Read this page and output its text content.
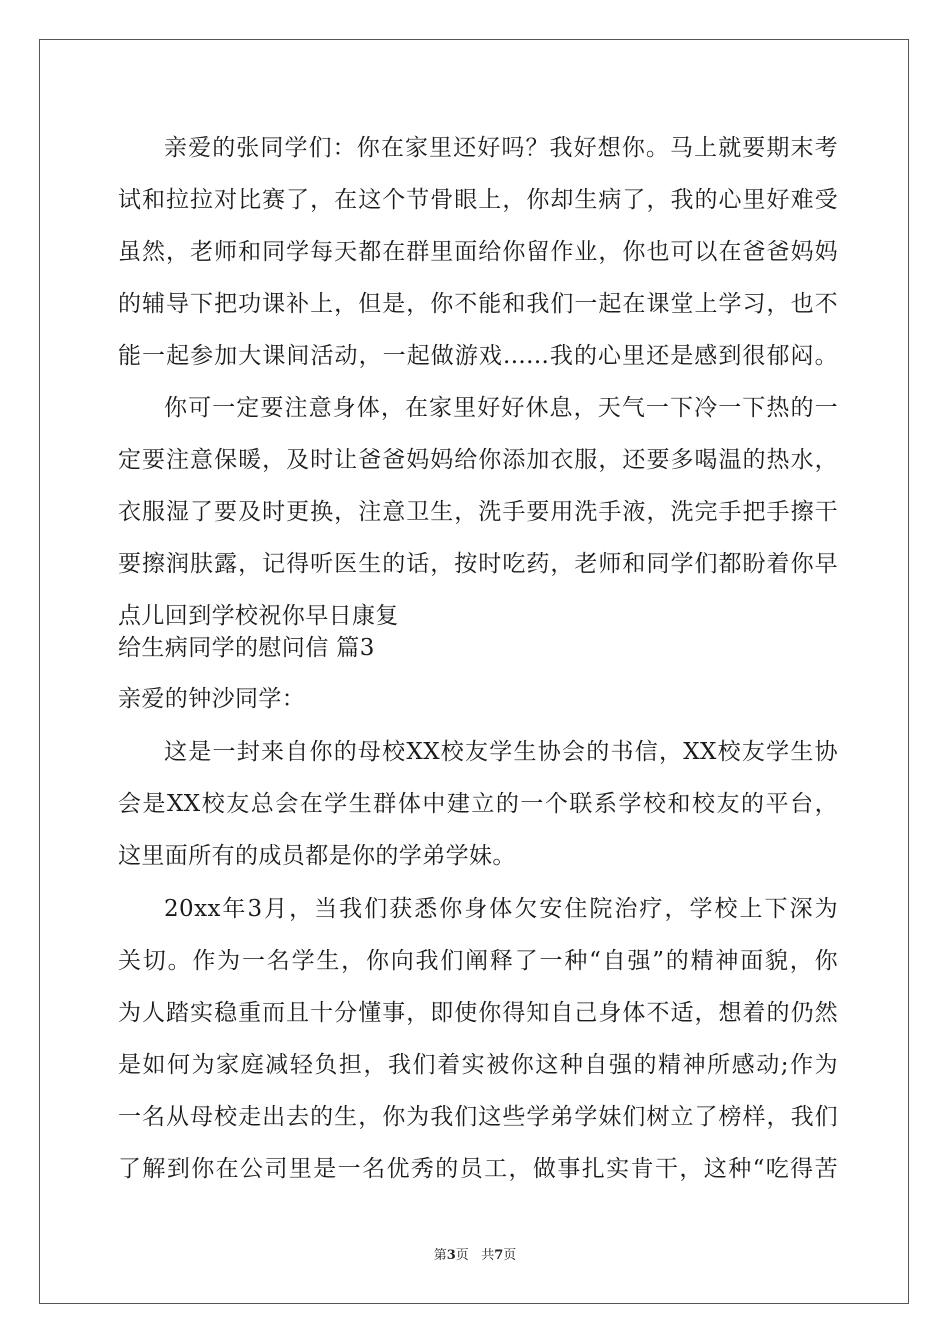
亲爱的张同学们：你在家里还好吗？我好想你。马上就要期末考
试和拉拉对比赛了，在这个节骨眼上，你却生病了，我的心里好难受
虽然，老师和同学每天都在群里面给你留作业，你也可以在爸爸妈妈
的辅导下把功课补上，但是，你不能和我们一起在课堂上学习，也不
能一起参加大课间活动，一起做游戏......我的心里还是感到很郁闷。
你可一定要注意身体，在家里好好休息，天气一下冷一下热的一
定要注意保暖，及时让爸爸妈妈给你添加衣服，还要多喝温的热水，
衣服湿了要及时更换，注意卫生，洗手要用洗手液，洗完手把手擦干
要擦润肤露，记得听医生的话，按时吃药，老师和同学们都盼着你早
点儿回到学校祝你早日康复
给生病同学的慰问信 篇3
亲爱的钟沙同学：
这是一封来自你的母校XX校友学生协会的书信，XX校友学生协
会是XX校友总会在学生群体中建立的一个联系学校和校友的平台，
这里面所有的成员都是你的学弟学妹。
20xx年3月，当我们获悉你身体欠安住院治疗，学校上下深为
关切。作为一名学生，你向我们阐释了一种“自强”的精神面貌，你
为人踏实稳重而且十分懂事，即使你得知自己身体不适，想着的仍然
是如何为家庭减轻负担，我们着实被你这种自强的精神所感动;作为
一名从母校走出去的生，你为我们这些学弟学妹们树立了榜样，我们
了解到你在公司里是一名优秀的员工，做事扎实肯干，这种“吃得苦
第3页 共7页
